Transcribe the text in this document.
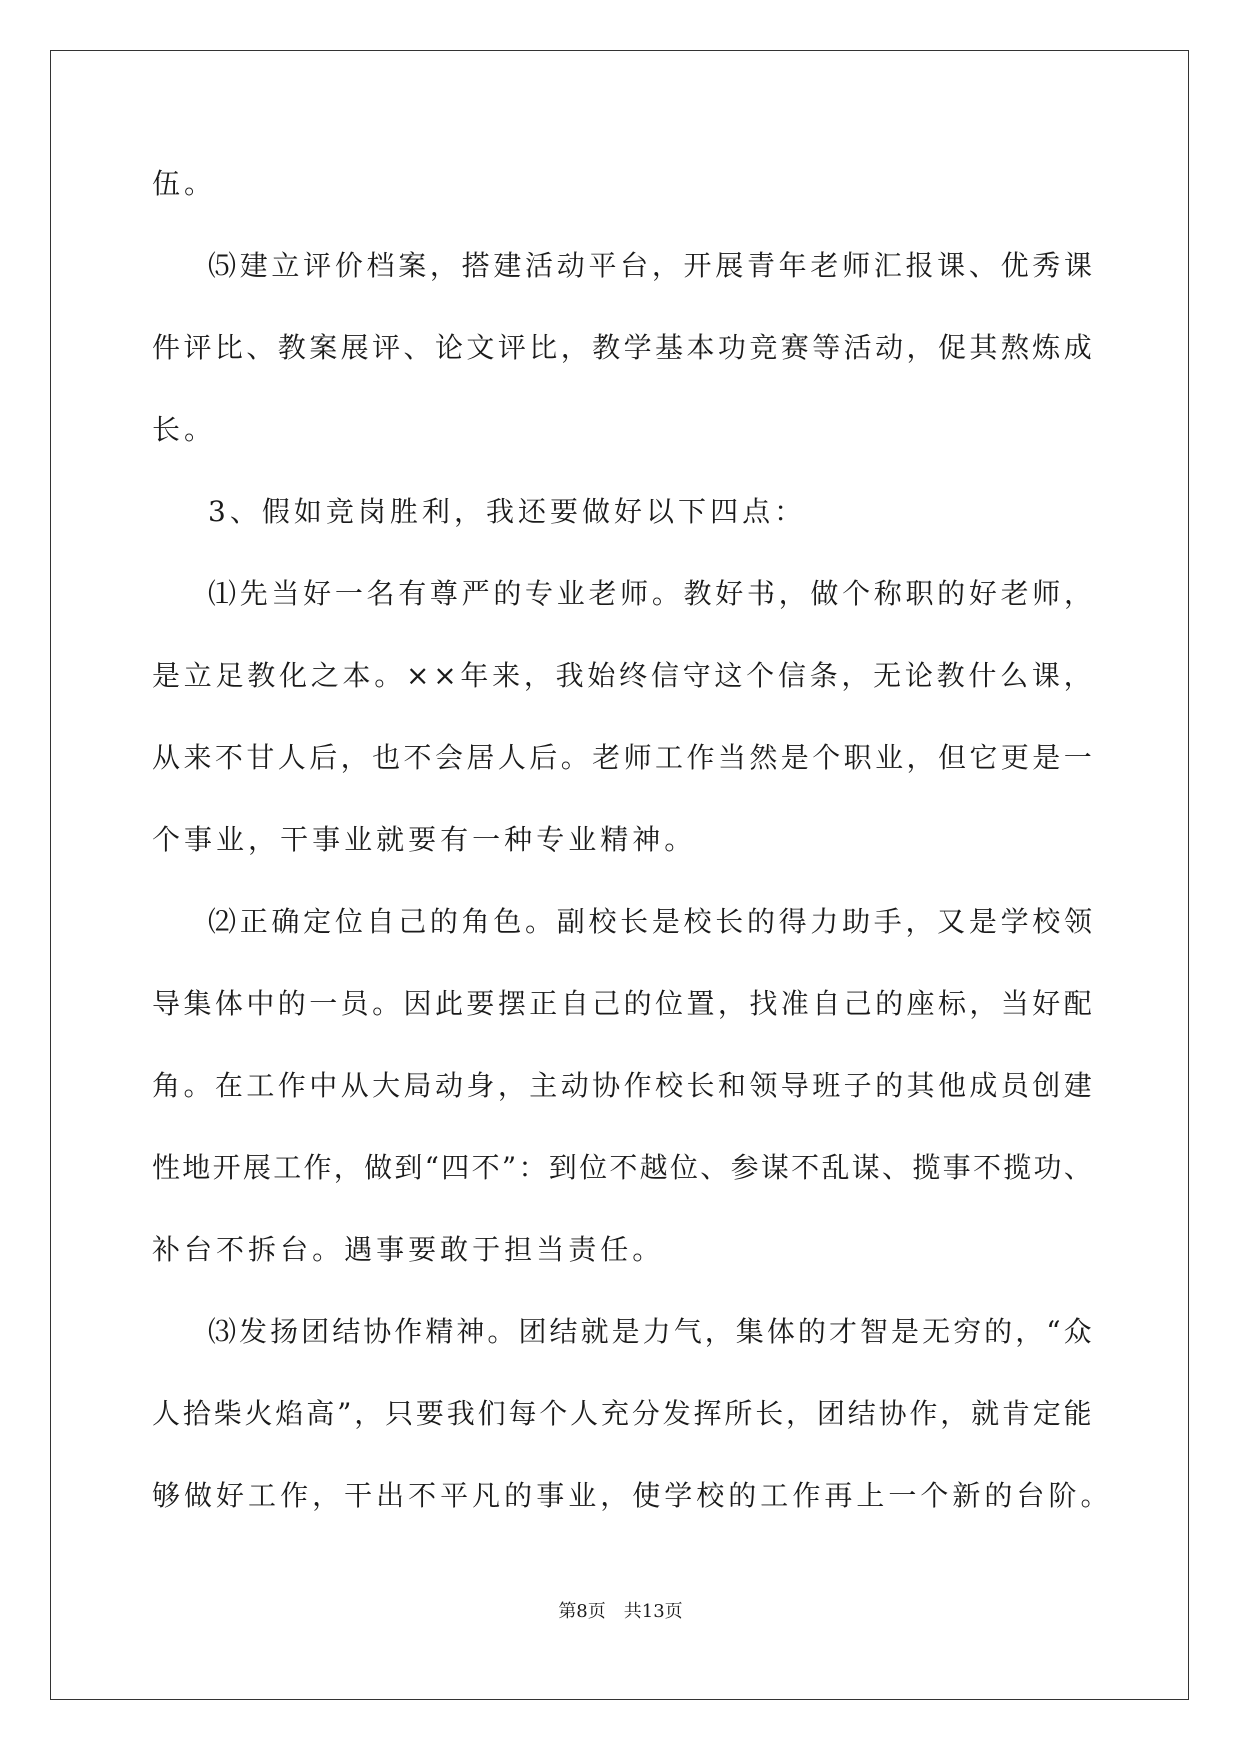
伍 。
⑸ 建 立 评 价 档 案 ， 搭 建 活 动 平 台 ， 开 展 青 年 老 师 汇 报 课 、 优 秀 课
件 评 比 、 教 案 展 评 、 论 文 评 比 ， 教 学 基 本 功 竞 赛 等 活 动 ， 促 其 熬 炼 成
长 。
3 、 假 如 竞 岗 胜 利 ， 我 还 要 做 好 以 下 四 点 ：
⑴ 先 当 好 一 名 有 尊 严 的 专 业 老 师 。 教 好 书 ， 做 个 称 职 的 好 老 师 ，
是 立 足 教 化 之 本 。 × × 年 来 ， 我 始 终 信 守 这 个 信 条 ， 无 论 教 什 么 课 ，
从 来 不 甘 人 后 ， 也 不 会 居 人 后 。 老 师 工 作 当 然 是 个 职 业 ， 但 它 更 是 一
个 事 业 ， 干 事 业 就 要 有 一 种 专 业 精 神 。
⑵ 正 确 定 位 自 己 的 角 色 。 副 校 长 是 校 长 的 得 力 助 手 ， 又 是 学 校 领
导 集 体 中 的 一 员 。 因 此 要 摆 正 自 己 的 位 置 ， 找 准 自 己 的 座 标 ， 当 好 配
角 。 在 工 作 中 从 大 局 动 身 ， 主 动 协 作 校 长 和 领 导 班 子 的 其 他 成 员 创 建
性 地 开 展 工 作 ， 做 到 “ 四 不 ” ： 到 位 不 越 位 、 参 谋 不 乱 谋 、 揽 事 不 揽 功 、
补 台 不 拆 台 。 遇 事 要 敢 于 担 当 责 任 。
⑶ 发 扬 团 结 协 作 精 神 。 团 结 就 是 力 气 ， 集 体 的 才 智 是 无 穷 的 ， “ 众
人 拾 柴 火 焰 高 ” ， 只 要 我 们 每 个 人 充 分 发 挥 所 长 ， 团 结 协 作 ， 就 肯 定 能
够 做 好 工 作 ， 干 出 不 平 凡 的 事 业 ， 使 学 校 的 工 作 再 上 一 个 新 的 台 阶 。
第8页　共13页
